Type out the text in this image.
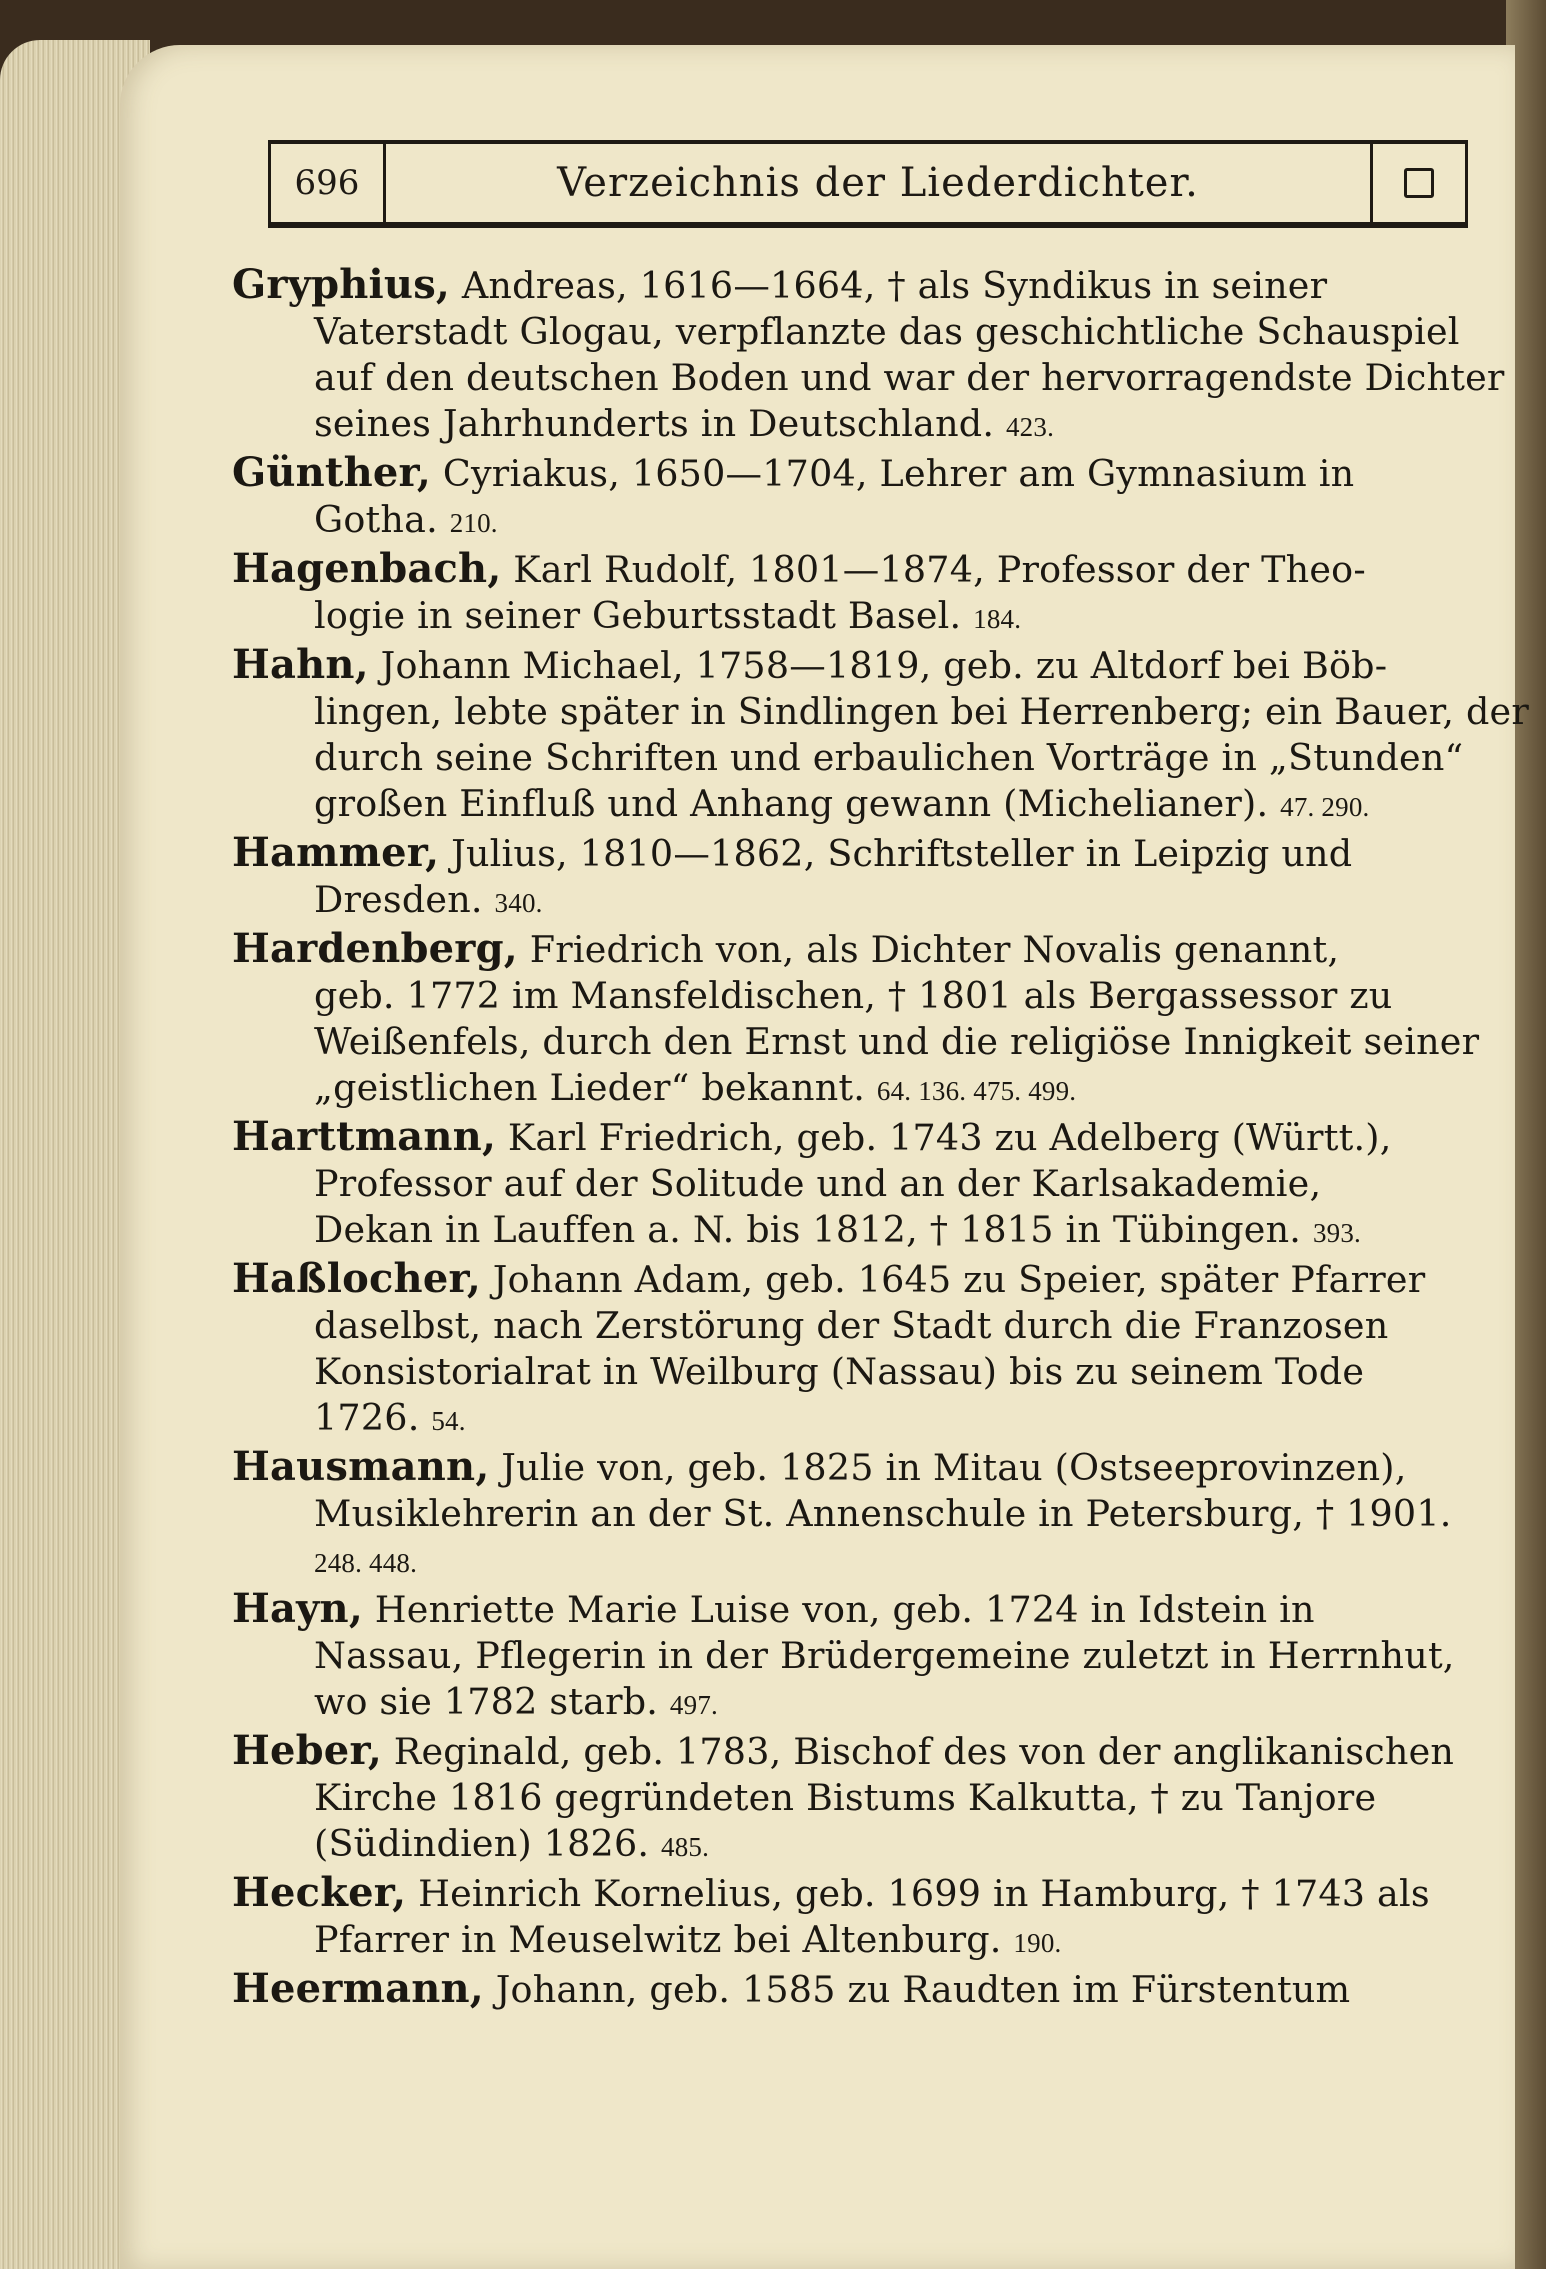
696	Verzeichnis der Liederdichter.
Gryphius, Andreas, 1616—1664, † als Syndikus in seiner
Vaterstadt Glogau, verpflanzte das geschichtliche Schauspiel
auf den deutschen Boden und war der hervorragendste Dichter
seines Jahrhunderts in Deutschland. 423.
Günther, Cyriakus, 1650—1704, Lehrer am Gymnasium in
Gotha. 210.
Hagenbach, Karl Rudolf, 1801—1874, Professor der Theo-
logie in seiner Geburtsstadt Basel. 184.
Hahn, Johann Michael, 1758—1819, geb. zu Altdorf bei Böb-
lingen, lebte später in Sindlingen bei Herrenberg; ein Bauer, der
durch seine Schriften und erbaulichen Vorträge in „Stunden“
großen Einfluß und Anhang gewann (Michelianer). 47. 290.
Hammer, Julius, 1810—1862, Schriftsteller in Leipzig und
Dresden. 340.
Hardenberg, Friedrich von, als Dichter Novalis genannt,
geb. 1772 im Mansfeldischen, † 1801 als Bergassessor zu
Weißenfels, durch den Ernst und die religiöse Innigkeit seiner
„geistlichen Lieder“ bekannt. 64. 136. 475. 499.
Harttmann, Karl Friedrich, geb. 1743 zu Adelberg (Württ.),
Professor auf der Solitude und an der Karlsakademie,
Dekan in Lauffen a. N. bis 1812, † 1815 in Tübingen. 393.
Haßlocher, Johann Adam, geb. 1645 zu Speier, später Pfarrer
daselbst, nach Zerstörung der Stadt durch die Franzosen
Konsistorialrat in Weilburg (Nassau) bis zu seinem Tode
1726. 54.
Hausmann, Julie von, geb. 1825 in Mitau (Ostseeprovinzen),
Musiklehrerin an der St. Annenschule in Petersburg, † 1901.
248. 448.
Hayn, Henriette Marie Luise von, geb. 1724 in Idstein in
Nassau, Pflegerin in der Brüdergemeine zuletzt in Herrnhut,
wo sie 1782 starb. 497.
Heber, Reginald, geb. 1783, Bischof des von der anglikanischen
Kirche 1816 gegründeten Bistums Kalkutta, † zu Tanjore
(Südindien) 1826. 485.
Hecker, Heinrich Kornelius, geb. 1699 in Hamburg, † 1743 als
Pfarrer in Meuselwitz bei Altenburg. 190.
Heermann, Johann, geb. 1585 zu Raudten im Fürstentum
